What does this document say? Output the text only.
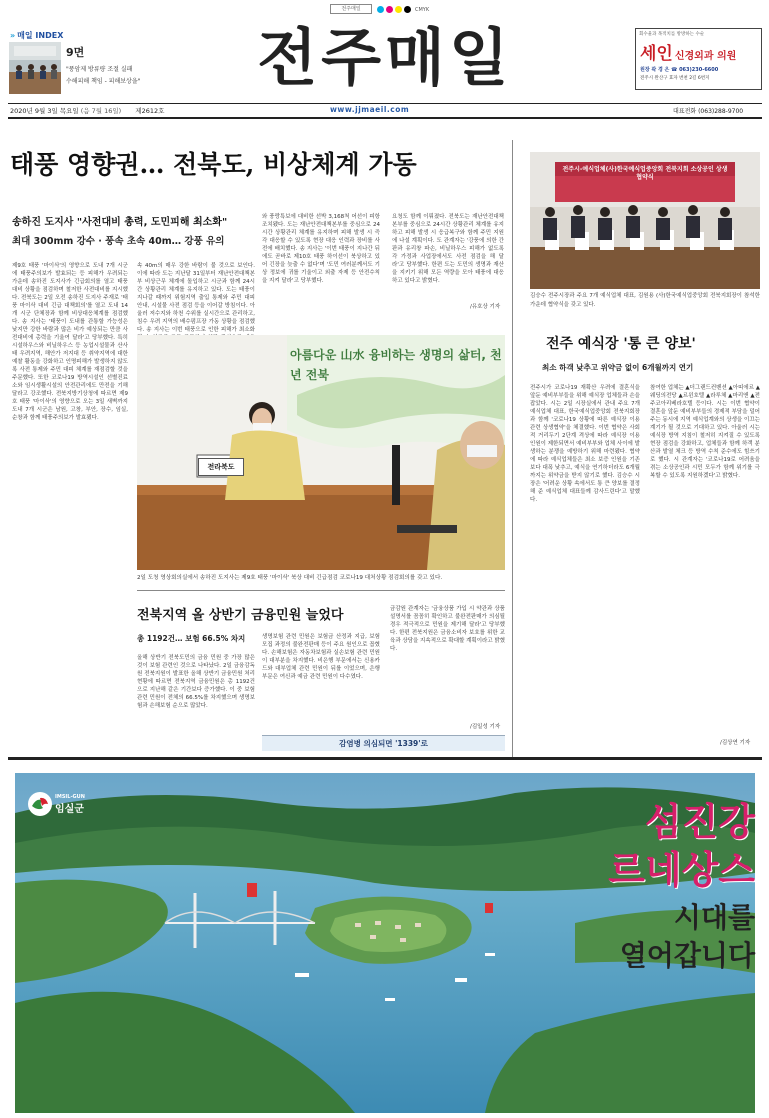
전주매일	CMYK
» 매일 INDEX
9면
"풍암제 방류량 조절 실패
수해피해 책임 - 피해보상을" 전주매일	회수율과 목적치를 방방하는 수술
세인 신경외과 의원
원장 곽 경 은 ☎ 063)230-6600
전주시 완산구 효자 번천 2길 6번지
2020년 9월 3일 목요일 (음 7월 16일) 제2612호	www.jjmaeil.com	대표전화 (063)288-9700
태풍 영향권… 전북도, 비상체계 가동
송하진 도지사 "사전대비 총력, 도민피해 최소화"
최대 300mm 강수 · 풍속 초속 40m… 강풍 유의
제9호 태풍 '마이삭'의 영향으로 도내 7개 시군에 태풍주의보가 발효되는 등 피해가 우려되는 가운데 송하진 도지사가 긴급회의를 열고 태풍 대비 상황을 점검하며 철저한 사전대비를 지시했다. 전북도는 2일 오전 송하진 도지사 주재로 '태풍 마이삭 대비 긴급 대책회의'를 열고 도내 14개 시군 단체장과 함께 비상대응체계를 점검했다. 송 지사는 '태풍이 도내를 관통할 가능성은 낮지만 강한 바람과 많은 비가 예상되는 만큼 사전대비에 총력을 기울여 달라'고 당부했다. 특히 시설하우스와 비닐하우스 등 농업시설물과 산사태 우려지역, 해안가 저지대 등 취약지역에 대한 예찰 활동을 강화하고 인명피해가 발생하지 않도록 사전 통제와 주민 대피 체계를 재점검할 것을 주문했다. 또한 코로나19 방역시설인 선별진료소와 임시생활시설의 안전관리에도 만전을 기해 달라고 강조했다. 전북지방기상청에 따르면 제9호 태풍 '마이삭'의 영향으로 오는 3일 새벽까지 도내 7개 시군은 남원, 고창, 부안, 장수, 임실, 순창과 함께 태풍주의보가 발효됐다.
속 40m의 매우 강한 바람이 불 것으로 보인다. 이에 따라 도는 지난달 31일부터 재난안전대책본부 비상근무 체계에 돌입하고 시군과 함께 24시간 상황관리 체계를 유지하고 있다. 도는 태풍이 지나갈 때까지 위험지역 출입 통제와 주민 대피 안내, 시설물 사전 점검 등을 이어갈 방침이다. 아울러 저수지와 하천 수위를 실시간으로 관리하고, 침수 우려 지역의 배수펌프장 가동 상황을 점검했다. 송 지사는 이번 태풍으로 인한 피해가 최소화
와 풍랑특보에 대비한 선박 3,168척 어선이 피항 조치됐다. 도는 재난안전대책본부를 중심으로 24시간 상황관리 체계를 유지하며 피해 발생 시 즉각 대응할 수 있도록 현장 대응 인력과 장비를 사전에 배치했다. 송 지사는 '이번 태풍이 지나간 뒤에도 곧바로 제10호 태풍 하이선이 북상하고 있어 긴장을 늦출 수 없다'며 '도민 여러분께서도 기상 정보에 귀를 기울이고 외출 자제 등 안전수칙을 지켜 달라'고 당부했다.
요청도 함께 이뤄졌다. 전북도는 재난안전대책본부를 중심으로 24시간 상황관리 체계를 유지하고 피해 발생 시 응급복구와 함께 주민 지원에 나설 계획이다. 도 관계자는 '강풍에 의한 간판과 유리창 파손, 비닐하우스 피해가 없도록 각 가정과 사업장에서도 사전 점검을 해 달라'고 당부했다. 한편 도는 도민의 생명과 재산을 지키기 위해 모든 역량을 모아 태풍에 대응하고 있다고 밝혔다.
/유호상 기자
아름다운 山水 융비하는 생명의 삶터, 천년 전북
전라북도
2일 도청 영상회의실에서 송하진 도지사는 제9호 태풍 '마이삭' 북상 대비 긴급점검 코로나19 대처상황 점검회의를 갖고 있다.
전주시-예식업체(사)한국예식업중앙회 전북지회 소상공인 상생 협약식
김승수 전주시장과 주요 7개 예식업체 대표, 김원용 (사)한국예식업중앙회 전북지회장이 참석한 가운데 협약식을 갖고 있다.
전주 예식장 '통 큰 양보'
최소 하객 낮추고 위약금 없이 6개월까지 연기
전주시가 코로나19 재확산 우려에 결혼식을 앞둔 예비부부들을 위해 예식장 업체들과 손을 잡았다. 시는 2일 시장실에서 관내 주요 7개 예식업체 대표, 한국예식업중앙회 전북지회장과 함께 '코로나19 상황에 따른 예식장 이용 관련 상생협약'을 체결했다. 이번 협약은 사회적 거리두기 2단계 격상에 따라 예식장 이용 인원이 제한되면서 예비부부와 업체 사이에 발생하는 분쟁을 예방하기 위해 마련됐다. 협약에 따라 예식업체들은 최소 보증 인원을 기존보다 대폭 낮추고, 예식을 연기하더라도 6개월까지는 위약금을 받지 않기로 했다. 김승수 시장은 '어려운 상황 속에서도 통 큰 양보를 결정해 준 예식업체 대표들께 감사드린다'고 말했다.
참여한 업체는 ▲더그랜드컨벤션 ▲아띠에르 ▲웨딩의전당 ▲르윈호텔 ▲라루체 ▲마리앤 ▲전주코아리베라호텔 등이다. 시는 이번 협약이 결혼을 앞둔 예비부부들의 경제적 부담을 덜어주는 동시에 지역 예식업계와의 상생을 이끄는 계기가 될 것으로 기대하고 있다. 아울러 시는 예식장 방역 지침이 철저히 지켜질 수 있도록 현장 점검을 강화하고, 업체들과 함께 하객 분산과 발열 체크 등 방역 수칙 준수에도 힘쓰기로 했다. 시 관계자는 '코로나19로 어려움을 겪는 소상공인과 시민 모두가 함께 위기를 극복할 수 있도록 지원하겠다'고 밝혔다.
/김상연 기자
전북지역 올 상반기 금융민원 늘었다
총 1192건… 보험 66.5% 차지
올해 상반기 전북도민의 금융 민원 중 가장 많은 것이 보험 관련인 것으로 나타났다. 2일 금융감독원 전북지원이 발표한 올해 상반기 금융민원 처리 현황에 따르면 전북지역 금융민원은 총 1192건으로 지난해 같은 기간보다 증가했다. 이 중 보험 관련 민원이 전체의 66.5%를 차지했으며 생명보험과 손해보험 순으로 많았다.
생명보험 관련 민원은 보험금 산정과 지급, 보험 모집 과정의 불완전판매 등이 주요 원인으로 꼽혔다. 손해보험은 자동차보험과 실손보험 관련 민원이 대부분을 차지했다. 비은행 부문에서는 신용카드와 대부업체 관련 민원이 뒤를 이었으며, 은행 부문은 여신과 예금 관련 민원이 다수였다.
금감원 관계자는 '금융상품 가입 시 약관과 상품설명서를 꼼꼼히 확인하고 불완전판매가 의심될 경우 적극적으로 민원을 제기해 달라'고 당부했다. 한편 전북지원은 금융소비자 보호를 위한 교육과 상담을 지속적으로 확대할 계획이라고 밝혔다.
/김일성 기자
감염병 의심되면 '1339'로
IMSIL-GUN
임실군	섬진강
르네상스
시대를
열어갑니다
